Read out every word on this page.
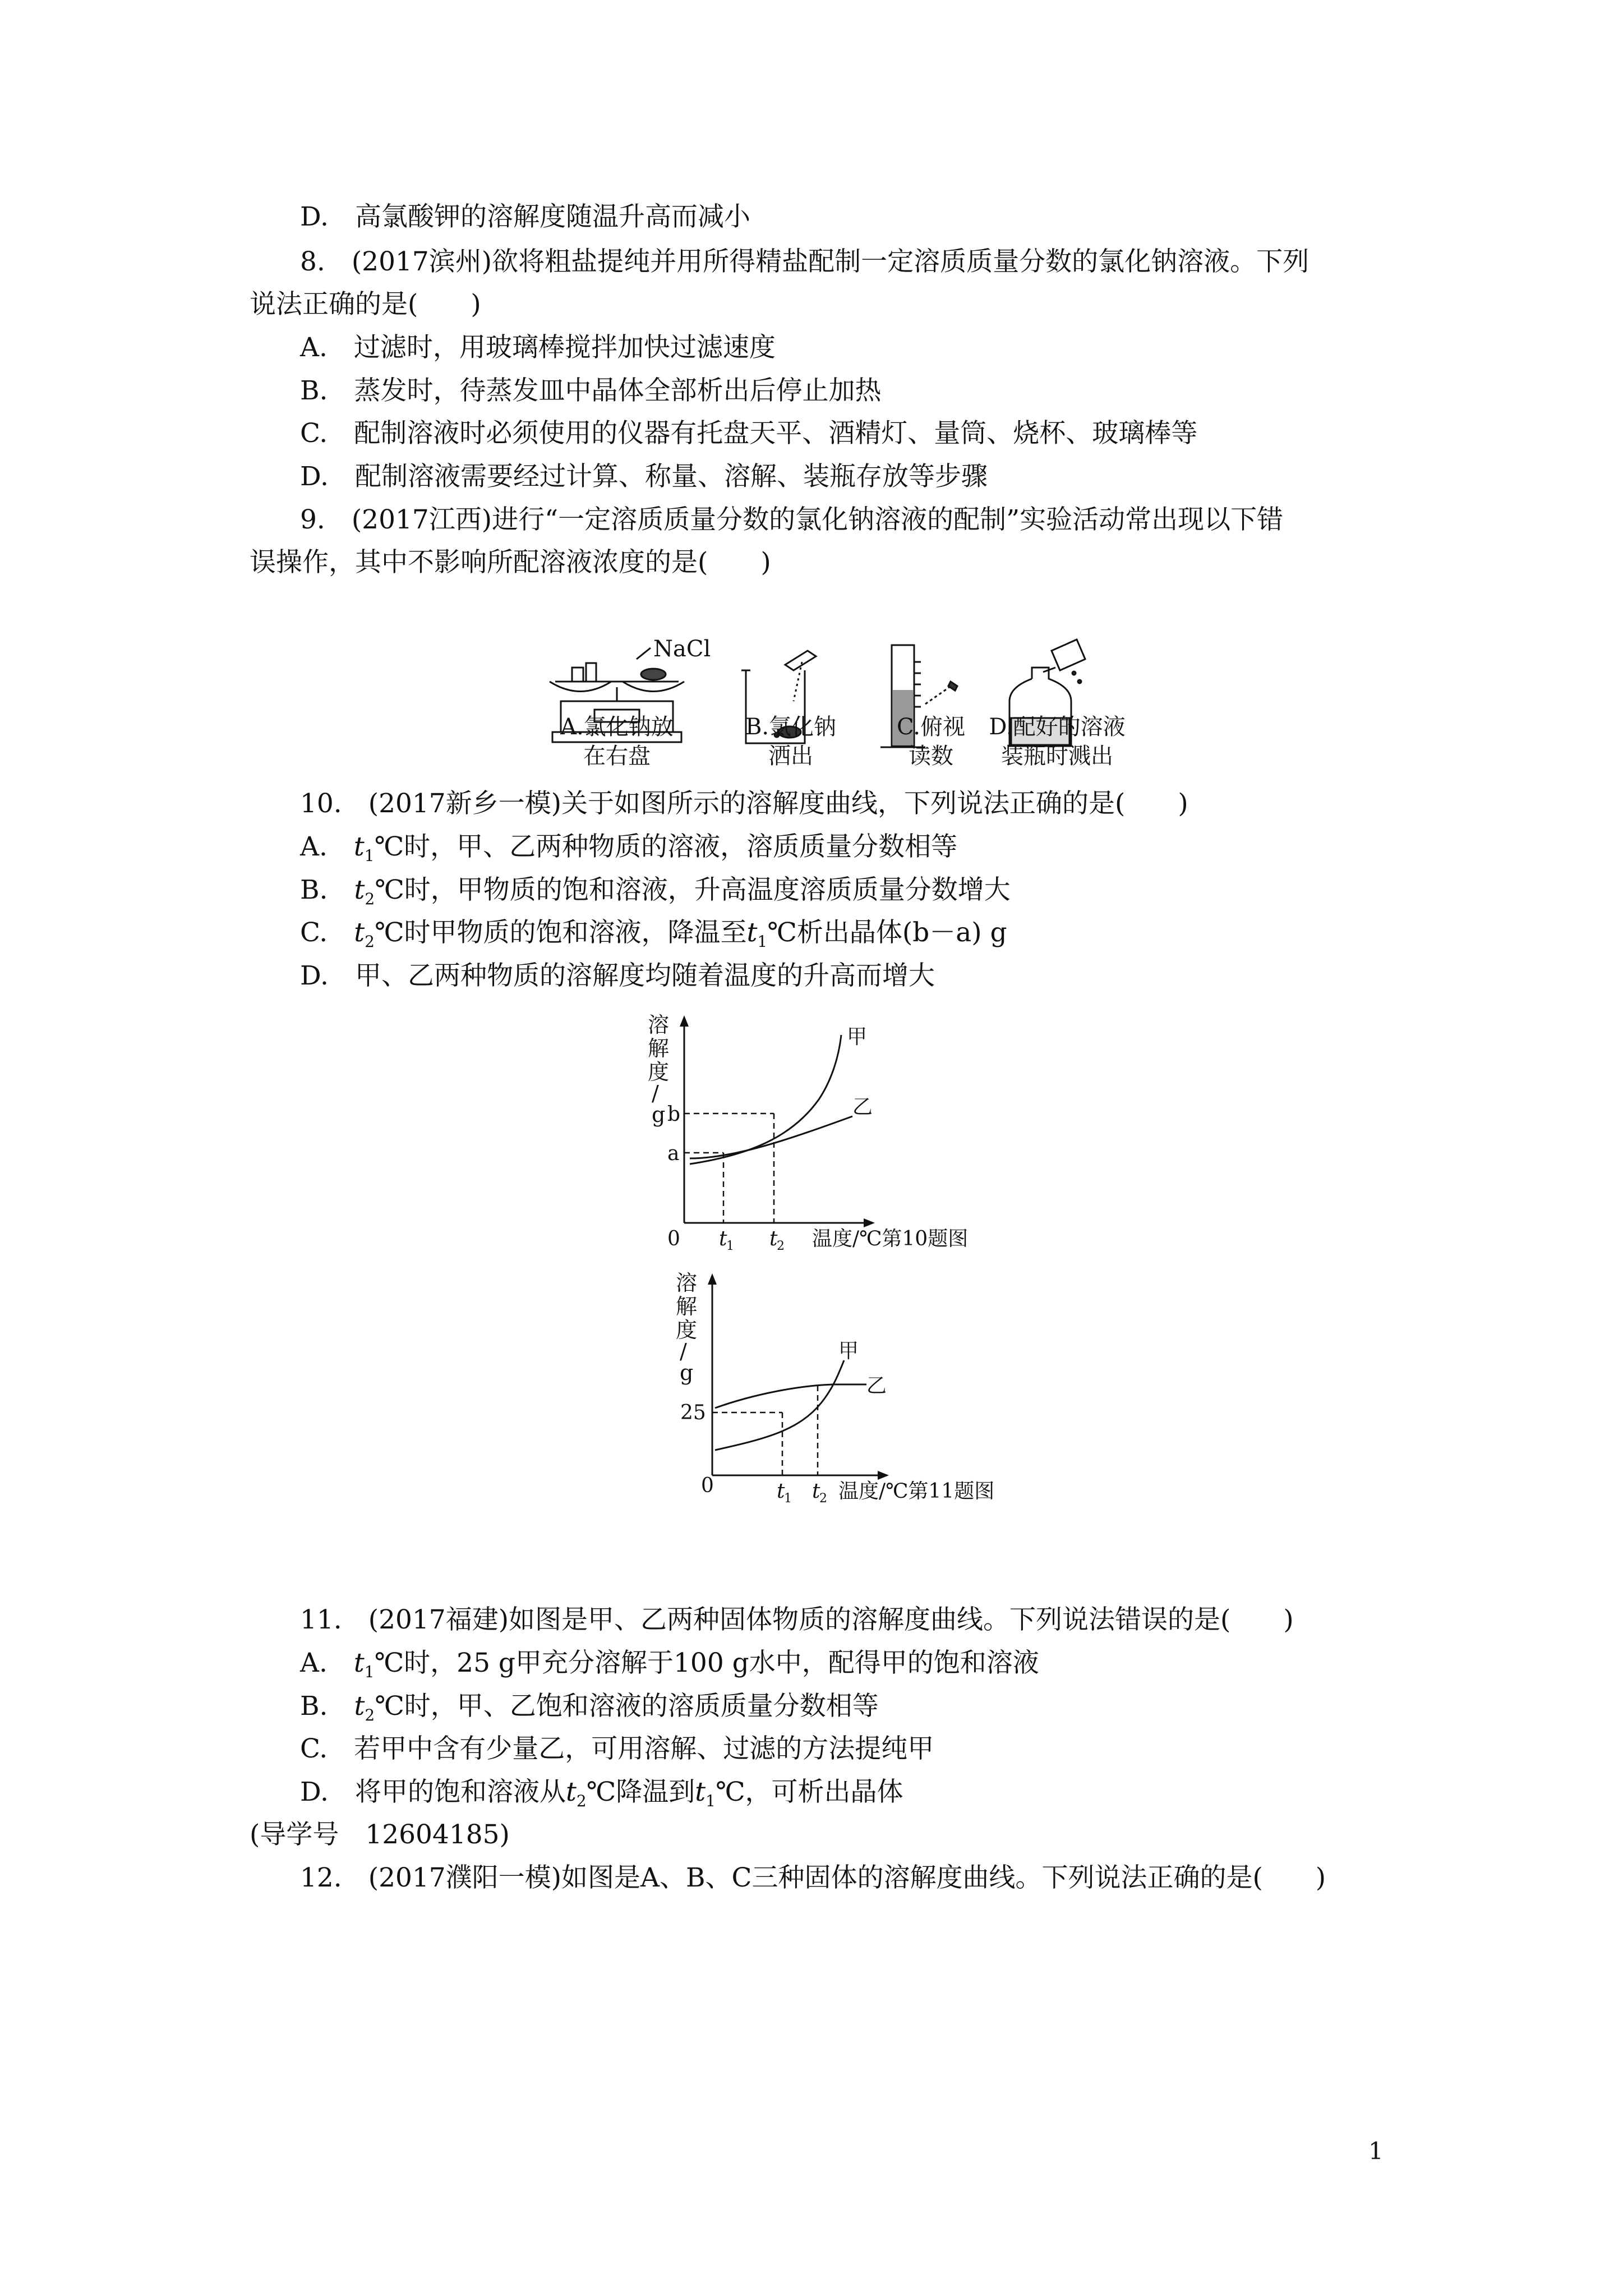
D.　高氯酸钾的溶解度随温升高而减小
8.　(2017滨州)欲将粗盐提纯并用所得精盐配制一定溶质质量分数的氯化钠溶液。下列
说法正确的是(　　)
A.　过滤时，用玻璃棒搅拌加快过滤速度
B.　蒸发时，待蒸发皿中晶体全部析出后停止加热
C.　配制溶液时必须使用的仪器有托盘天平、酒精灯、量筒、烧杯、玻璃棒等
D.　配制溶液需要经过计算、称量、溶解、装瓶存放等步骤
9.　(2017江西)进行“一定溶质质量分数的氯化钠溶液的配制”实验活动常出现以下错
误操作，其中不影响所配溶液浓度的是(　　)
NaCl
A.氯化钠放
在右盘
B.氯化钠
洒出
C.俯视
读数
D.配好的溶液
装瓶时溅出
10.　(2017新乡一模)关于如图所示的溶解度曲线，下列说法正确的是(　　)
A.　$t_1℃$时，甲、乙两种物质的溶液，溶质质量分数相等
B.　$t_2℃$时，甲物质的饱和溶液，升高温度溶质质量分数增大
C.　$t_2℃$时甲物质的饱和溶液，降温至$t_1℃$析出晶体(b－a) g
D.　甲、乙两种物质的溶解度均随着温度的升高而增大
溶
解
度
/
g b
a
0 t
1 t
2 温度/℃第10题图
甲
乙
溶
解
度
/
g
25
0	t
1 t
2 温度/℃第11题图
甲
乙
11.　(2017福建)如图是甲、乙两种固体物质的溶解度曲线。下列说法错误的是(　　)
A.　$t_1℃$时，25 g甲充分溶解于100 g水中，配得甲的饱和溶液
B.　$t_2℃$时，甲、乙饱和溶液的溶质质量分数相等
C.　若甲中含有少量乙，可用溶解、过滤的方法提纯甲
D.　将甲的饱和溶液从$t_2℃$降温到$t_1℃$，可析出晶体
(导学号　12604185)
12.　(2017濮阳一模)如图是A、B、C三种固体的溶解度曲线。下列说法正确的是(　　)
1
